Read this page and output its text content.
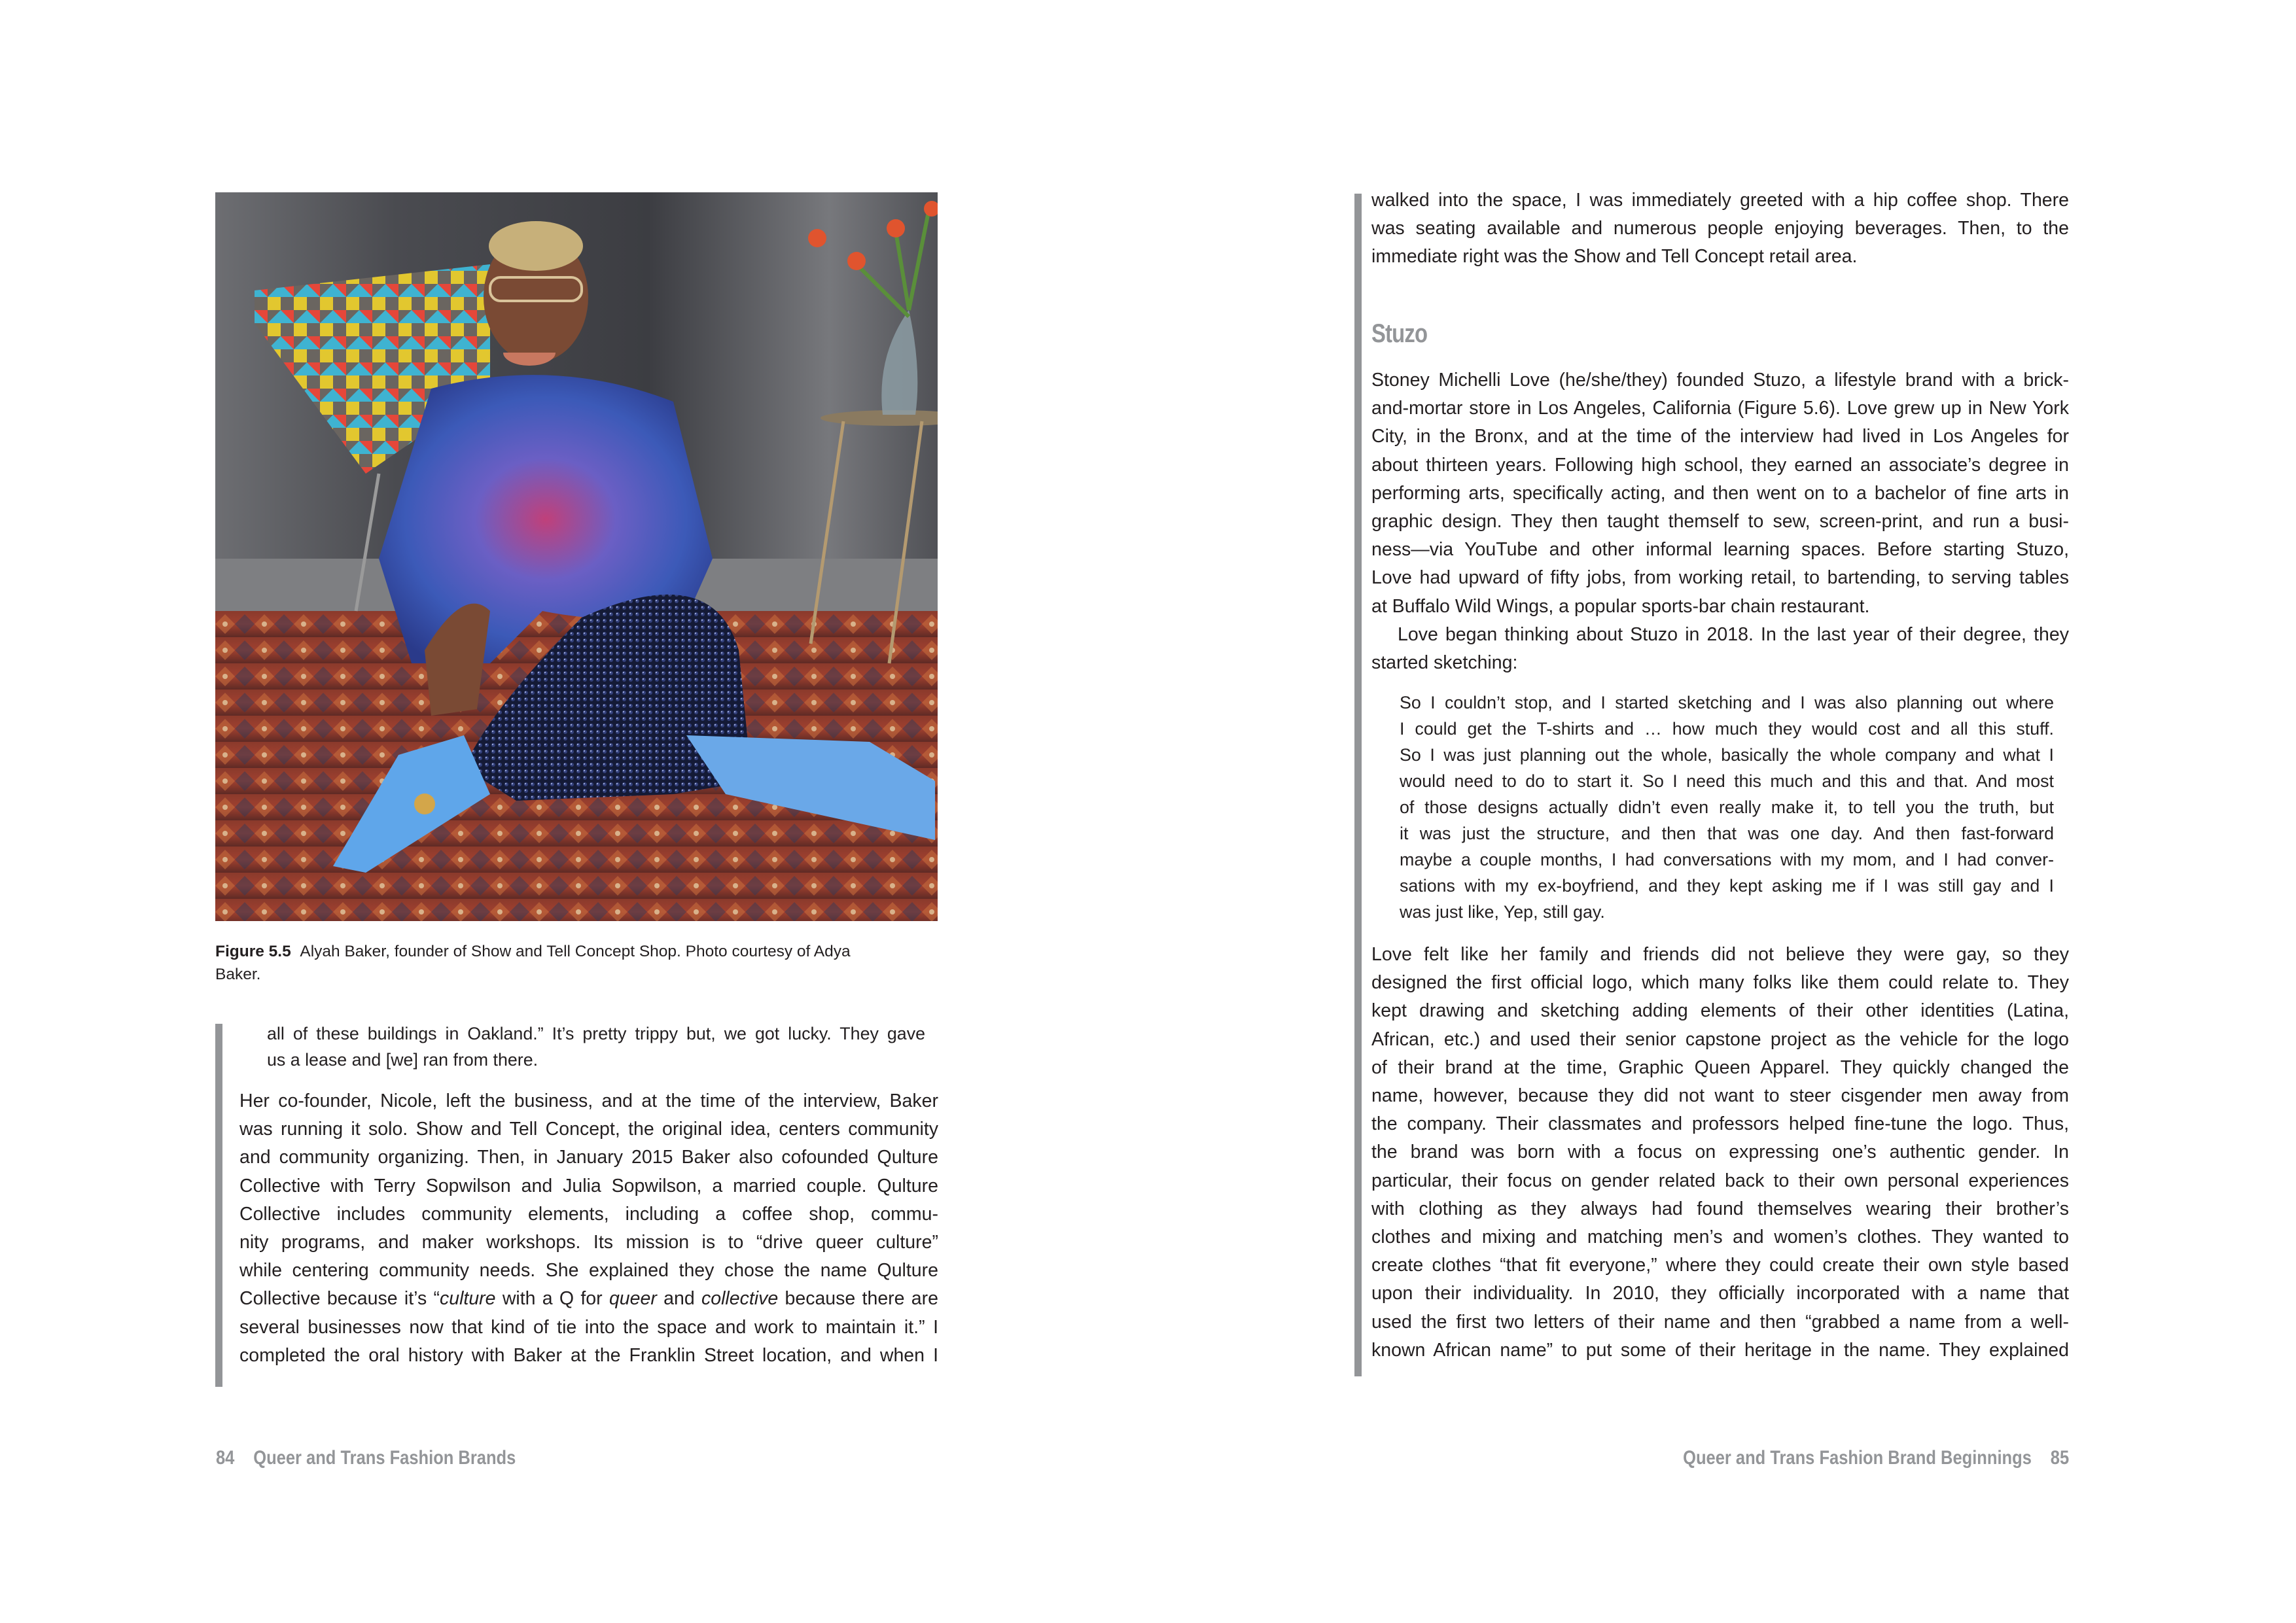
Figure 5.5 Alyah Baker, founder of Show and Tell Concept Shop. Photo courtesy of Adya
Baker.
all of these buildings in Oakland.” It’s pretty trippy but, we got lucky. They gave
us a lease and [we] ran from there.
Her co-founder, Nicole, left the business, and at the time of the interview, Baker
was running it solo. Show and Tell Concept, the original idea, centers community
and community organizing. Then, in January 2015 Baker also cofounded Qulture
Collective with Terry Sopwilson and Julia Sopwilson, a married couple. Qulture
Collective includes community elements, including a coffee shop, commu-
nity programs, and maker workshops. Its mission is to “drive queer culture”
while centering community needs. She explained they chose the name Qulture
Collective because it’s “culture with a Q for queer and collective because there are
several businesses now that kind of tie into the space and work to maintain it.” I
completed the oral history with Baker at the Franklin Street location, and when I
84 Queer and Trans Fashion Brands
walked into the space, I was immediately greeted with a hip coffee shop. There
was seating available and numerous people enjoying beverages. Then, to the
immediate right was the Show and Tell Concept retail area.
Stuzo
Stoney Michelli Love (he/she/they) founded Stuzo, a lifestyle brand with a brick-
and-mortar store in Los Angeles, California (Figure 5.6). Love grew up in New York
City, in the Bronx, and at the time of the interview had lived in Los Angeles for
about thirteen years. Following high school, they earned an associate’s degree in
performing arts, specifically acting, and then went on to a bachelor of fine arts in
graphic design. They then taught themself to sew, screen-print, and run a busi-
ness—via YouTube and other informal learning spaces. Before starting Stuzo,
Love had upward of fifty jobs, from working retail, to bartending, to serving tables
at Buffalo Wild Wings, a popular sports-bar chain restaurant.
Love began thinking about Stuzo in 2018. In the last year of their degree, they
started sketching:
So I couldn’t stop, and I started sketching and I was also planning out where
I could get the T-shirts and … how much they would cost and all this stuff.
So I was just planning out the whole, basically the whole company and what I
would need to do to start it. So I need this much and this and that. And most
of those designs actually didn’t even really make it, to tell you the truth, but
it was just the structure, and then that was one day. And then fast-forward
maybe a couple months, I had conversations with my mom, and I had conver-
sations with my ex-boyfriend, and they kept asking me if I was still gay and I
was just like, Yep, still gay.
Love felt like her family and friends did not believe they were gay, so they
designed the first official logo, which many folks like them could relate to. They
kept drawing and sketching adding elements of their other identities (Latina,
African, etc.) and used their senior capstone project as the vehicle for the logo
of their brand at the time, Graphic Queen Apparel. They quickly changed the
name, however, because they did not want to steer cisgender men away from
the company. Their classmates and professors helped fine-tune the logo. Thus,
the brand was born with a focus on expressing one’s authentic gender. In
particular, their focus on gender related back to their own personal experiences
with clothing as they always had found themselves wearing their brother’s
clothes and mixing and matching men’s and women’s clothes. They wanted to
create clothes “that fit everyone,” where they could create their own style based
upon their individuality. In 2010, they officially incorporated with a name that
used the first two letters of their name and then “grabbed a name from a well-
known African name” to put some of their heritage in the name. They explained
Queer and Trans Fashion Brand Beginnings 85
